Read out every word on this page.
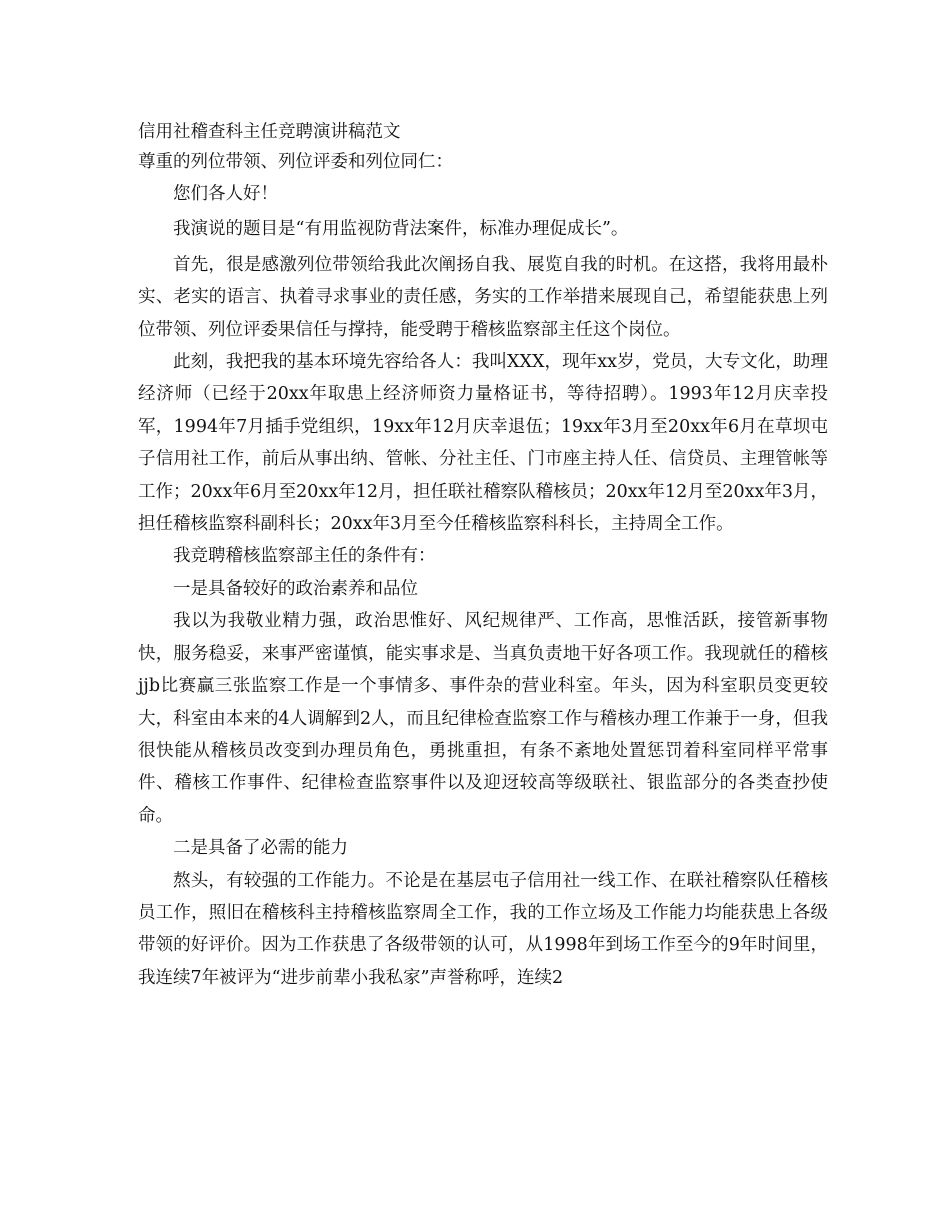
信用社稽查科主任竞聘演讲稿范文
尊重的列位带领、列位评委和列位同仁：

您们各人好！

我演说的题目是“有用监视防背法案件，标准办理促成长”。

首先，很是感激列位带领给我此次阐扬自我、展览自我的时机。在这搭，我将用最朴实、老实的语言、执着寻求事业的责任感，务实的工作举措来展现自己，希望能获患上列位带领、列位评委果信任与撑持，能受聘于稽核监察部主任这个岗位。

此刻，我把我的基本环境先容给各人：我叫XXX，现年xx岁，党员，大专文化，助理经济师（已经于20xx年取患上经济师资力量格证书，等待招聘）。1993年12月庆幸投军，1994年7月插手党组织，19xx年12月庆幸退伍；19xx年3月至20xx年6月在草坝屯子信用社工作，前后从事出纳、管帐、分社主任、门市座主持人任、信贷员、主理管帐等工作；20xx年6月至20xx年12月，担任联社稽察队稽核员；20xx年12月至20xx年3月，担任稽核监察科副科长；20xx年3月至今任稽核监察科科长，主持周全工作。

我竞聘稽核监察部主任的条件有：

一是具备较好的政治素养和品位

我以为我敬业精力强，政治思惟好、风纪规律严、工作高，思惟活跃，接管新事物快，服务稳妥，来事严密谨慎，能实事求是、当真负责地干好各项工作。我现就任的稽核jjb比赛赢三张监察工作是一个事情多、事件杂的营业科室。年头，因为科室职员变更较大，科室由本来的4人调解到2人，而且纪律检查监察工作与稽核办理工作兼于一身，但我很快能从稽核员改变到办理员角色，勇挑重担，有条不紊地处置惩罚着科室同样平常事件、稽核工作事件、纪律检查监察事件以及迎迓较高等级联社、银监部分的各类查抄使命。

二是具备了必需的能力

熬头，有较强的工作能力。不论是在基层屯子信用社一线工作、在联社稽察队任稽核员工作，照旧在稽核科主持稽核监察周全工作，我的工作立场及工作能力均能获患上各级带领的好评价。因为工作获患了各级带领的认可，从1998年到场工作至今的9年时间里，我连续7年被评为“进步前辈小我私家”声誉称呼，连续2
